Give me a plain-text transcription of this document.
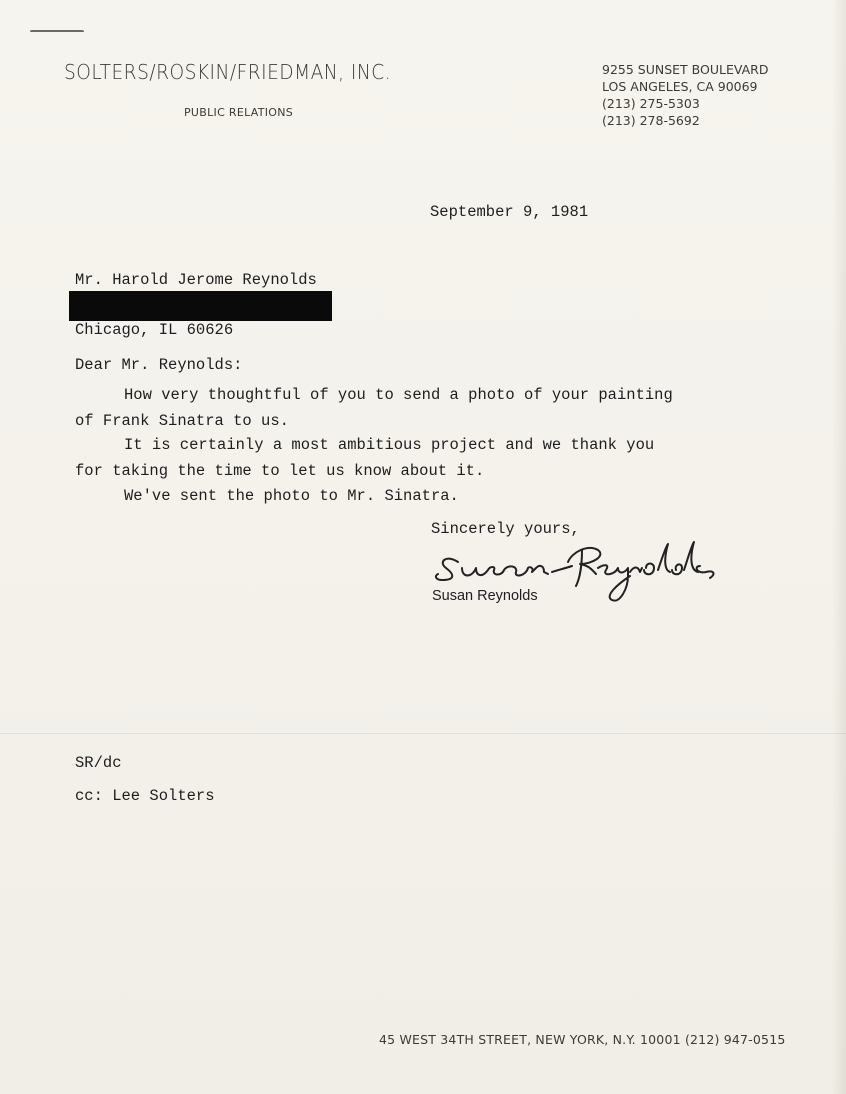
SOLTERS/ROSKIN/FRIEDMAN, INC.
PUBLIC RELATIONS
9255 SUNSET BOULEVARD
LOS ANGELES, CA 90069
(213) 275-5303
(213) 278-5692
September 9, 1981
Mr. Harold Jerome Reynolds
Chicago, IL 60626
Dear Mr. Reynolds:
How very thoughtful of you to send a photo of your painting
of Frank Sinatra to us.
It is certainly a most ambitious project and we thank you
for taking the time to let us know about it.
We've sent the photo to Mr. Sinatra.
Sincerely yours,
Susan Reynolds
SR/dc
cc: Lee Solters
45 WEST 34TH STREET, NEW YORK, N.Y. 10001 (212) 947-0515
